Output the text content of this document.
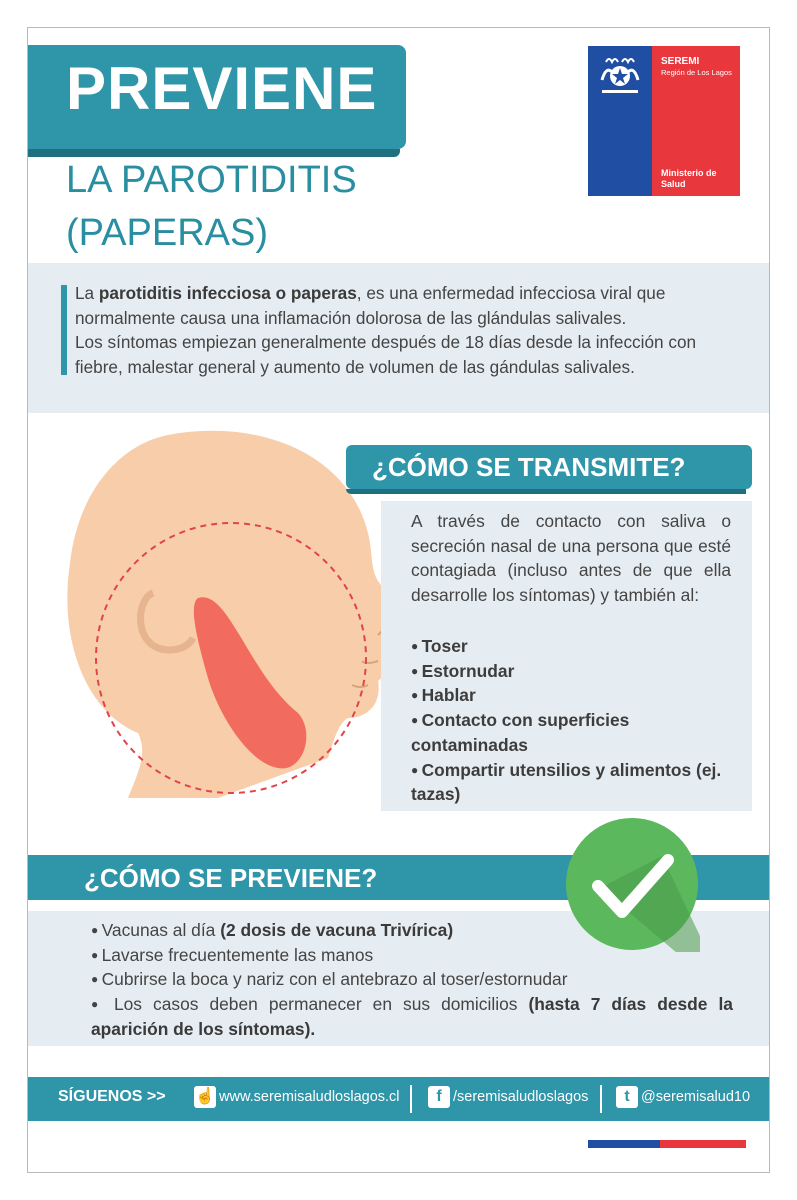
PREVIENE
LA PAROTIDITIS
(PAPERAS)
SEREMI
Región de Los Lagos
Ministerio de
Salud
La parotiditis infecciosa o paperas, es una enfermedad infecciosa viral que normalmente causa una inflamación dolorosa de las glándulas salivales.
Los síntomas empiezan generalmente después de 18 días desde la infección con fiebre, malestar general y aumento de volumen de las gándulas salivales.
A través de contacto con saliva o secreción nasal de una persona que esté contagiada (incluso antes de que ella desarrolle los síntomas) y también al:
● Toser
● Estornudar
● Hablar
● Contacto con superficies contaminadas
● Compartir utensilios y alimentos (ej. tazas)
¿CÓMO SE TRANSMITE?
¿CÓMO SE PREVIENE?
● Vacunas al día (2 dosis de vacuna Trivírica)
● Lavarse frecuentemente las manos
● Cubrirse la boca y nariz con el antebrazo al toser/estornudar
● Los casos deben permanecer en sus domicilios (hasta 7 días desde la aparición de los síntomas).
SÍGUENOS >> ☝ www.seremisaludloslagos.cl	f /seremisaludloslagos	t @seremisalud10
